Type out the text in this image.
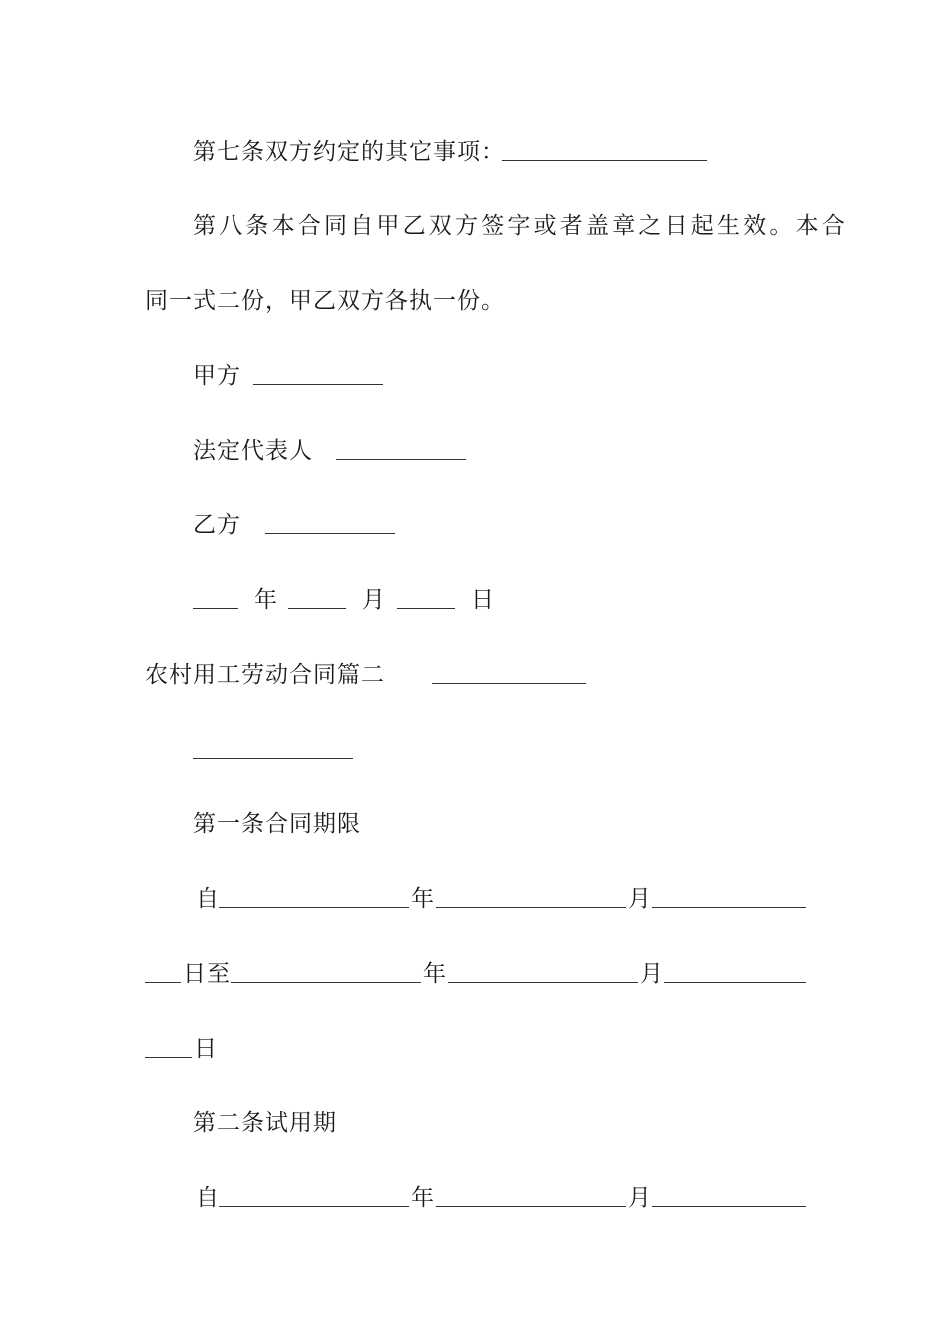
第七条双方约定的其它事项：
第八条本合同自甲乙双方签字或者盖章之日起生效。本合
同一式二份，甲乙双方各执一份。
甲方
法定代表人
乙方
年	月	日
农村用工劳动合同篇二
第一条合同期限
自	年	月
日至	年	月
日
第二条试用期
自	年	月
